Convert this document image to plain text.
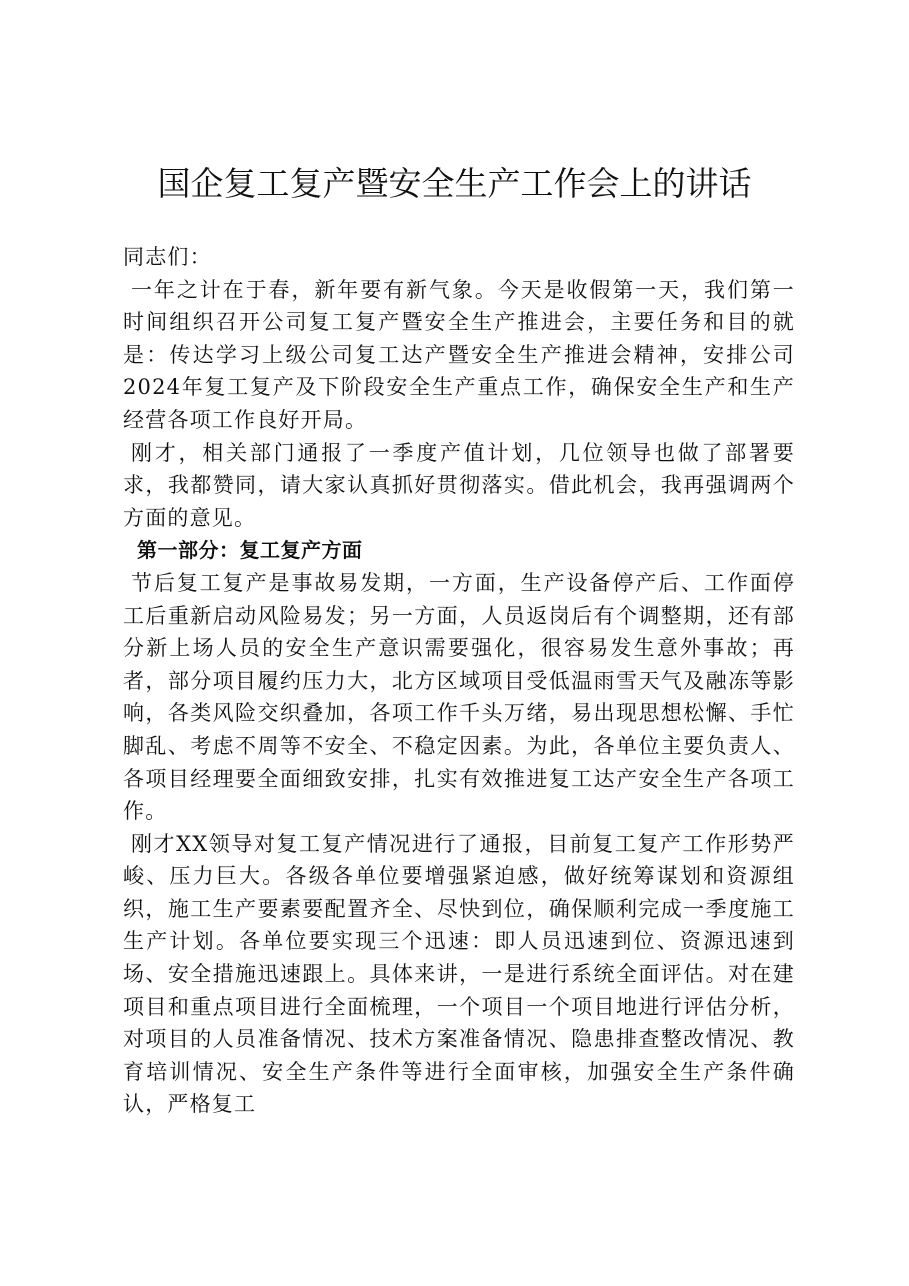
国企复工复产暨安全生产工作会上的讲话

同志们：

一年之计在于春，新年要有新气象。今天是收假第一天，我们第一时间组织召开公司复工复产暨安全生产推进会，主要任务和目的就是：传达学习上级公司复工达产暨安全生产推进会精神，安排公司2024年复工复产及下阶段安全生产重点工作，确保安全生产和生产经营各项工作良好开局。

刚才，相关部门通报了一季度产值计划，几位领导也做了部署要求，我都赞同，请大家认真抓好贯彻落实。借此机会，我再强调两个方面的意见。

第一部分：复工复产方面

节后复工复产是事故易发期，一方面，生产设备停产后、工作面停工后重新启动风险易发；另一方面，人员返岗后有个调整期，还有部分新上场人员的安全生产意识需要强化，很容易发生意外事故；再者，部分项目履约压力大，北方区域项目受低温雨雪天气及融冻等影响，各类风险交织叠加，各项工作千头万绪，易出现思想松懈、手忙脚乱、考虑不周等不安全、不稳定因素。为此，各单位主要负责人、各项目经理要全面细致安排，扎实有效推进复工达产安全生产各项工作。

刚才XX领导对复工复产情况进行了通报，目前复工复产工作形势严峻、压力巨大。各级各单位要增强紧迫感，做好统筹谋划和资源组织，施工生产要素要配置齐全、尽快到位，确保顺利完成一季度施工生产计划。各单位要实现三个迅速：即人员迅速到位、资源迅速到场、安全措施迅速跟上。具体来讲，一是进行系统全面评估。对在建项目和重点项目进行全面梳理，一个项目一个项目地进行评估分析，对项目的人员准备情况、技术方案准备情况、隐患排查整改情况、教育培训情况、安全生产条件等进行全面审核，加强安全生产条件确认，严格复工
